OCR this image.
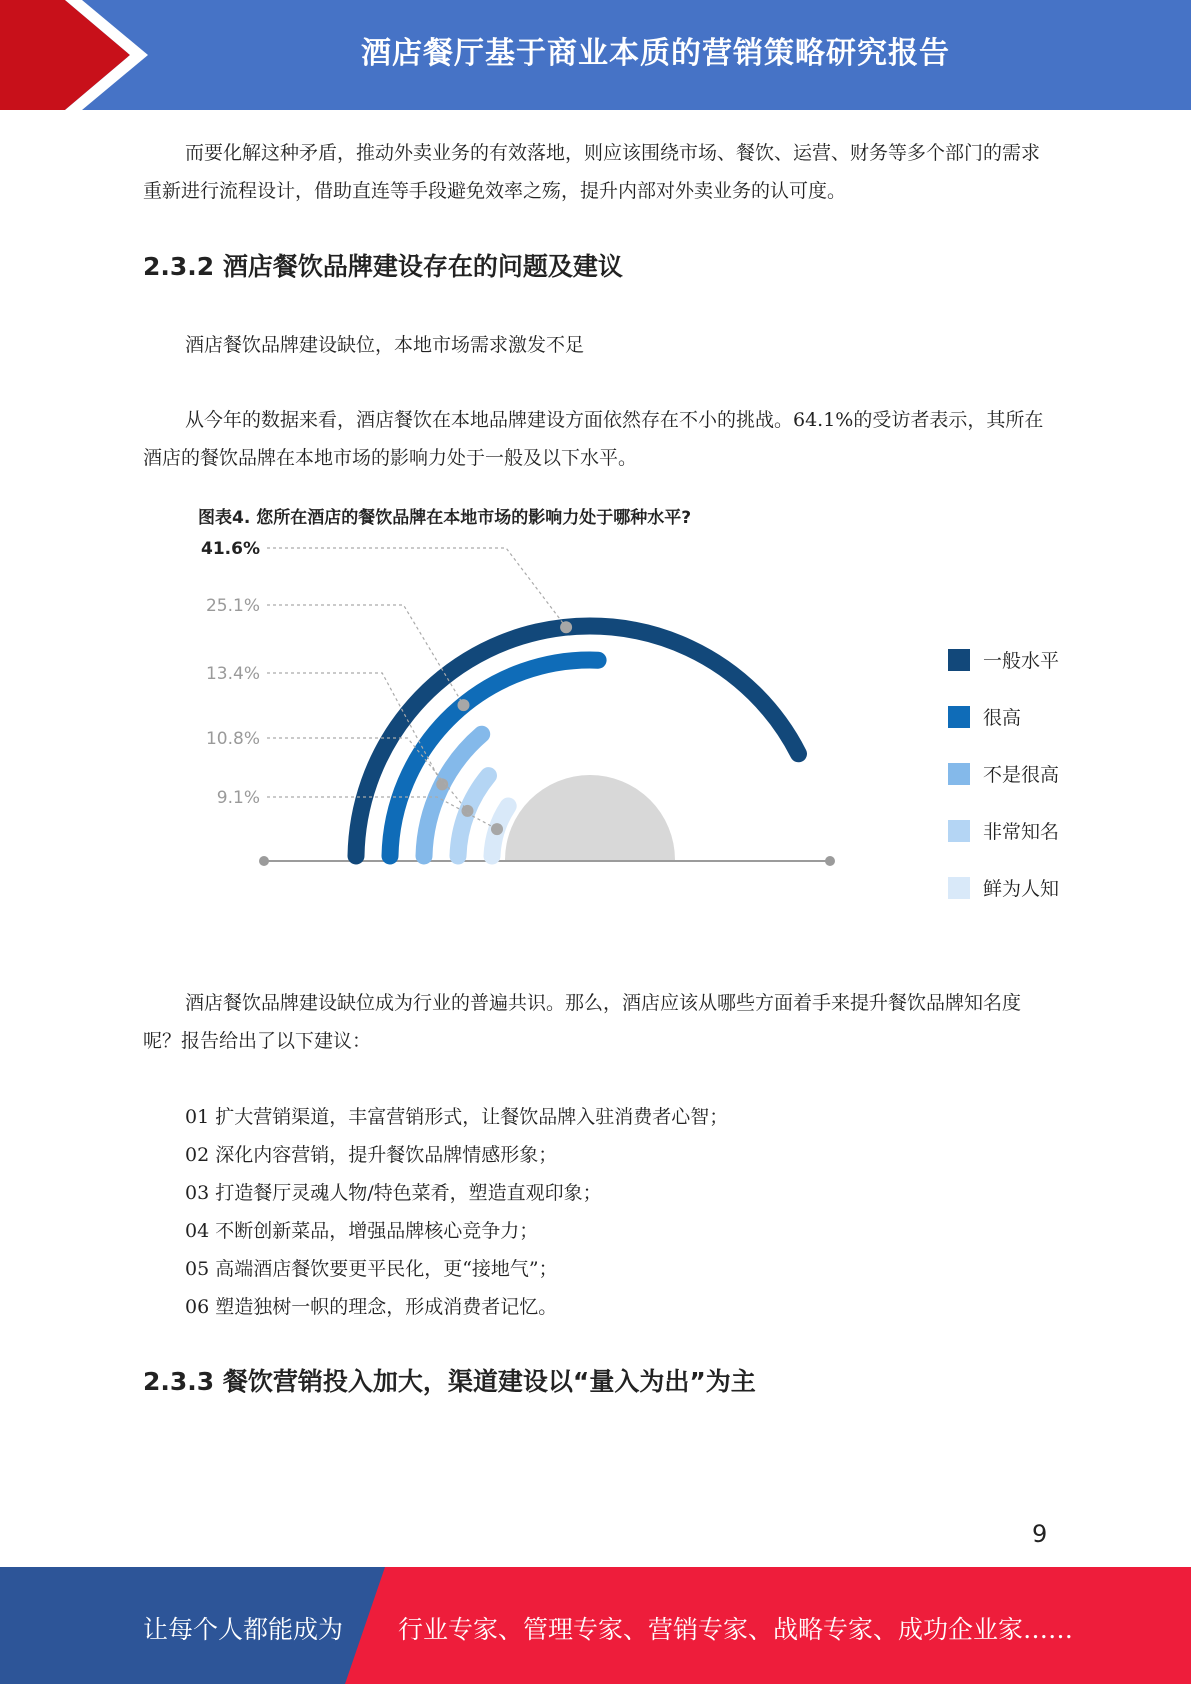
酒店餐厅基于商业本质的营销策略研究报告

而要化解这种矛盾，推动外卖业务的有效落地，则应该围绕市场、餐饮、运营、财务等多个部门的需求重新进行流程设计，借助直连等手段避免效率之殇，提升内部对外卖业务的认可度。

2.3.2 酒店餐饮品牌建设存在的问题及建议

酒店餐饮品牌建设缺位，本地市场需求激发不足

从今年的数据来看，酒店餐饮在本地品牌建设方面依然存在不小的挑战。64.1%的受访者表示，其所在酒店的餐饮品牌在本地市场的影响力处于一般及以下水平。

图表4. 您所在酒店的餐饮品牌在本地市场的影响力处于哪种水平?
41.6%
25.1%
13.4%
10.8%
9.1%
一般水平
很高
不是很高
非常知名
鲜为人知

酒店餐饮品牌建设缺位成为行业的普遍共识。那么，酒店应该从哪些方面着手来提升餐饮品牌知名度呢？报告给出了以下建议：

01 扩大营销渠道，丰富营销形式，让餐饮品牌入驻消费者心智；

02 深化内容营销，提升餐饮品牌情感形象；

03 打造餐厅灵魂人物/特色菜肴，塑造直观印象；

04 不断创新菜品，增强品牌核心竞争力；

05 高端酒店餐饮要更平民化，更“接地气”；

06 塑造独树一帜的理念，形成消费者记忆。

2.3.3 餐饮营销投入加大，渠道建设以“量入为出”为主
9
让每个人都能成为 行业专家、管理专家、营销专家、战略专家、成功企业家……
